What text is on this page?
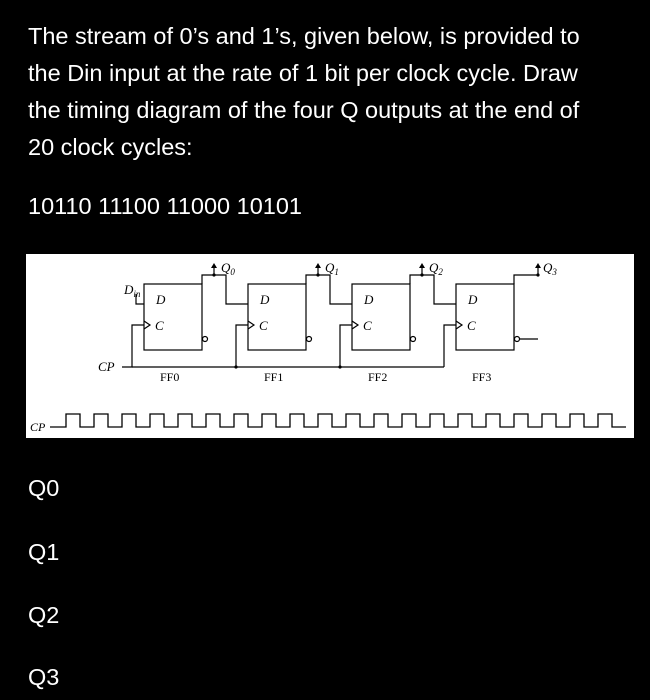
The stream of 0’s and 1’s, given below, is provided to
the Din input at the rate of 1 bit per clock cycle. Draw
the timing diagram of the four Q outputs at the end of
20 clock cycles:
10110 11100 11000 10101
$D_{in}$ D
C
D
C
D
C
D
C
CP
$Q_0$	$Q_1$	$Q_2$	$Q_3$
FF0	FF1	FF2	FF3
CP
Q0
Q1
Q2
Q3
